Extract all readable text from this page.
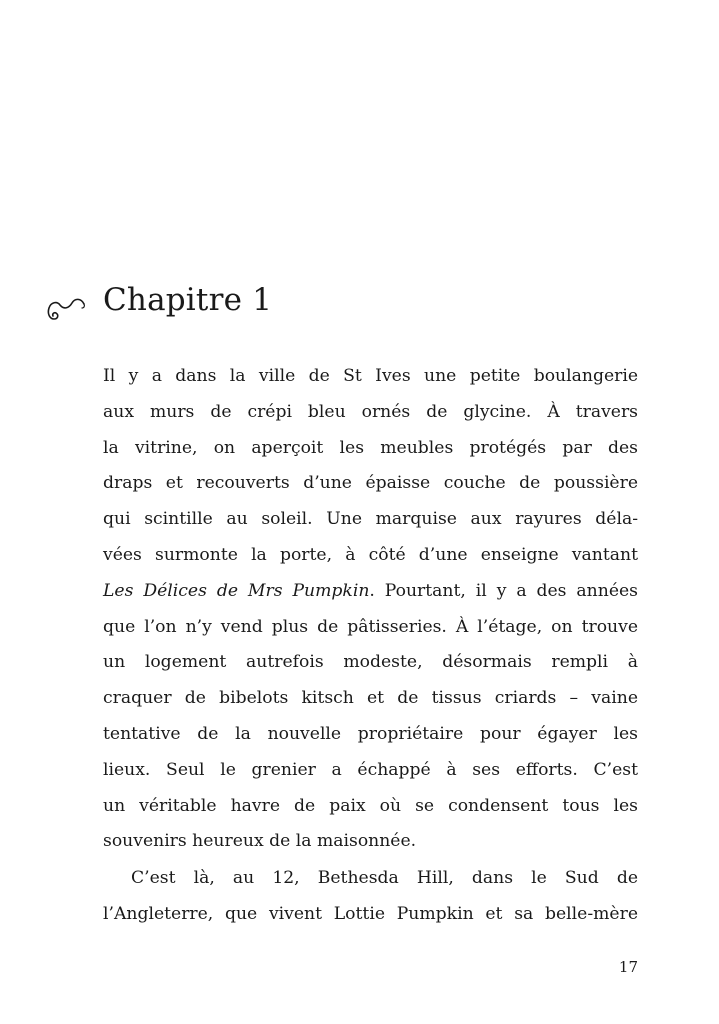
Chapitre 1
Il y a dans la ville de St Ives une petite boulangerie
aux murs de crépi bleu ornés de glycine. À travers
la vitrine, on aperçoit les meubles protégés par des
draps et recouverts d’une épaisse couche de poussière
qui scintille au soleil. Une marquise aux rayures déla-
vées surmonte la porte, à côté d’une enseigne vantant
Les Délices de Mrs Pumpkin. Pourtant, il y a des années
que l’on n’y vend plus de pâtisseries. À l’étage, on trouve
un logement autrefois modeste, désormais rempli à
craquer de bibelots kitsch et de tissus criards – vaine
tentative de la nouvelle propriétaire pour égayer les
lieux. Seul le grenier a échappé à ses efforts. C’est
un véritable havre de paix où se condensent tous les
souvenirs heureux de la maisonnée.
C’est là, au 12, Bethesda Hill, dans le Sud de
l’Angleterre, que vivent Lottie Pumpkin et sa belle-mère
17
